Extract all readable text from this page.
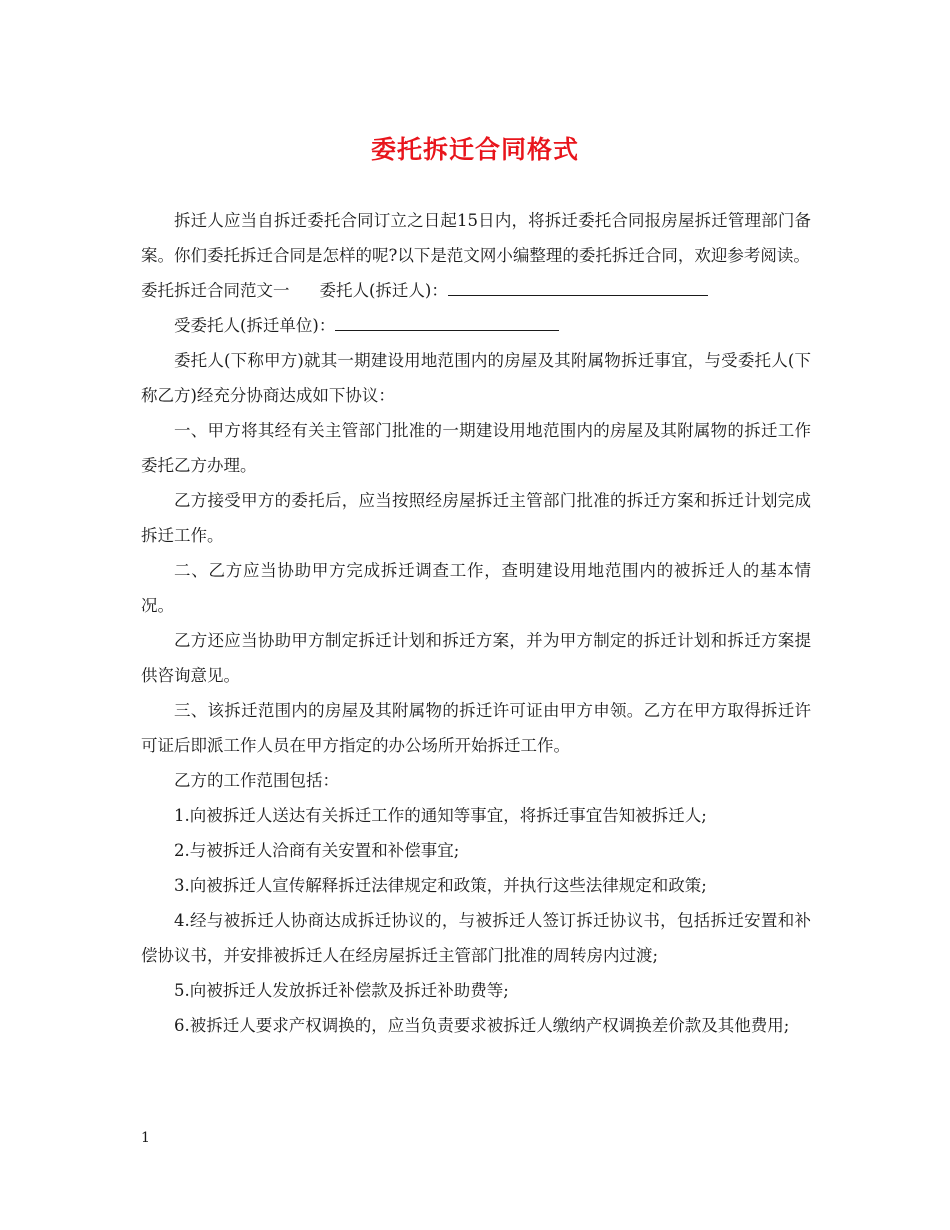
委托拆迁合同格式

拆迁人应当自拆迁委托合同订立之日起15日内，将拆迁委托合同报房屋拆迁管理部门备案。你们委托拆迁合同是怎样的呢?以下是范文网小编整理的委托拆迁合同，欢迎参考阅读。

委托拆迁合同范文一 委托人(拆迁人)：

受委托人(拆迁单位)：

委托人(下称甲方)就其一期建设用地范围内的房屋及其附属物拆迁事宜，与受委托人(下称乙方)经充分协商达成如下协议：

一、甲方将其经有关主管部门批准的一期建设用地范围内的房屋及其附属物的拆迁工作委托乙方办理。

乙方接受甲方的委托后，应当按照经房屋拆迁主管部门批准的拆迁方案和拆迁计划完成拆迁工作。

二、乙方应当协助甲方完成拆迁调查工作，查明建设用地范围内的被拆迁人的基本情况。

乙方还应当协助甲方制定拆迁计划和拆迁方案，并为甲方制定的拆迁计划和拆迁方案提供咨询意见。

三、该拆迁范围内的房屋及其附属物的拆迁许可证由甲方申领。乙方在甲方取得拆迁许可证后即派工作人员在甲方指定的办公场所开始拆迁工作。

乙方的工作范围包括：

1.向被拆迁人送达有关拆迁工作的通知等事宜，将拆迁事宜告知被拆迁人;

2.与被拆迁人洽商有关安置和补偿事宜;

3.向被拆迁人宣传解释拆迁法律规定和政策，并执行这些法律规定和政策;

4.经与被拆迁人协商达成拆迁协议的，与被拆迁人签订拆迁协议书，包括拆迁安置和补偿协议书，并安排被拆迁人在经房屋拆迁主管部门批准的周转房内过渡;

5.向被拆迁人发放拆迁补偿款及拆迁补助费等;

6.被拆迁人要求产权调换的，应当负责要求被拆迁人缴纳产权调换差价款及其他费用;

1
